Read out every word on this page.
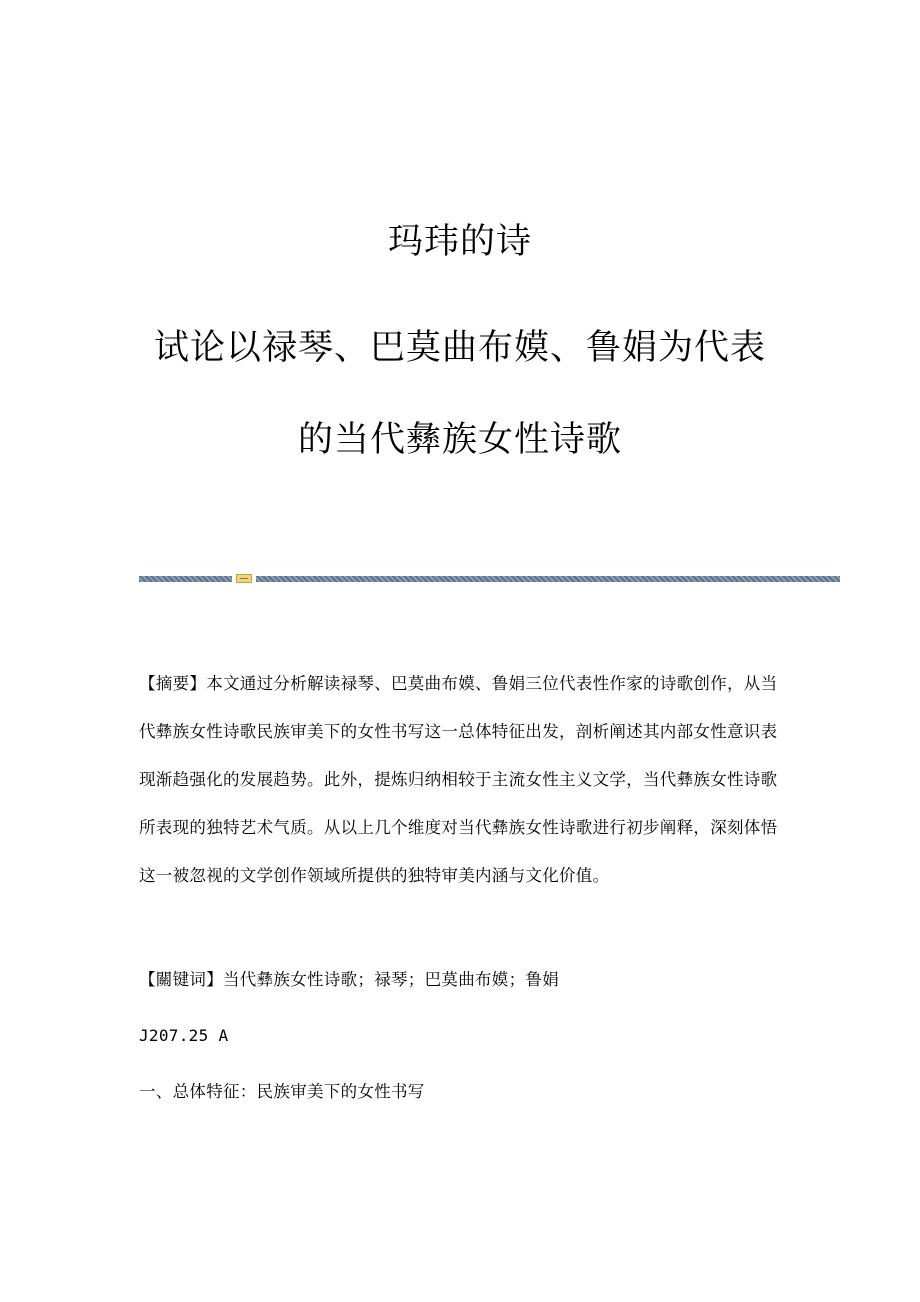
玛玮的诗
试论以禄琴、巴莫曲布嫫、鲁娟为代表
的当代彝族女性诗歌
【摘要】本文通过分析解读禄琴、巴莫曲布嫫、鲁娟三位代表性作家的诗歌创作，从当代彝族女性诗歌民族审美下的女性书写这一总体特征出发，剖析阐述其内部女性意识表现渐趋强化的发展趋势。此外，提炼归纳相较于主流女性主义文学，当代彝族女性诗歌所表现的独特艺术气质。从以上几个维度对当代彝族女性诗歌进行初步阐释，深刻体悟这一被忽视的文学创作领域所提供的独特审美内涵与文化价值。
【關键词】当代彝族女性诗歌；禄琴；巴莫曲布嫫；鲁娟
J207.25 A
一、总体特征：民族审美下的女性书写
